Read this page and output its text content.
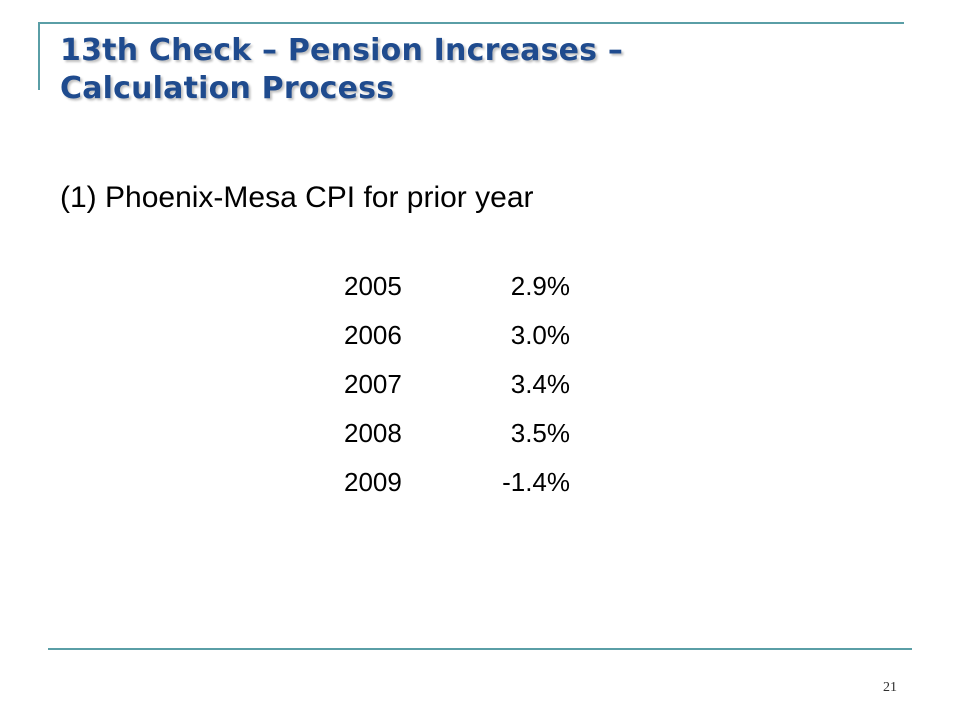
13th Check – Pension Increases –
Calculation Process
(1) Phoenix-Mesa CPI for prior year
2005	2.9%
2006	3.0%
2007	3.4%
2008	3.5%
2009	-1.4%
21
